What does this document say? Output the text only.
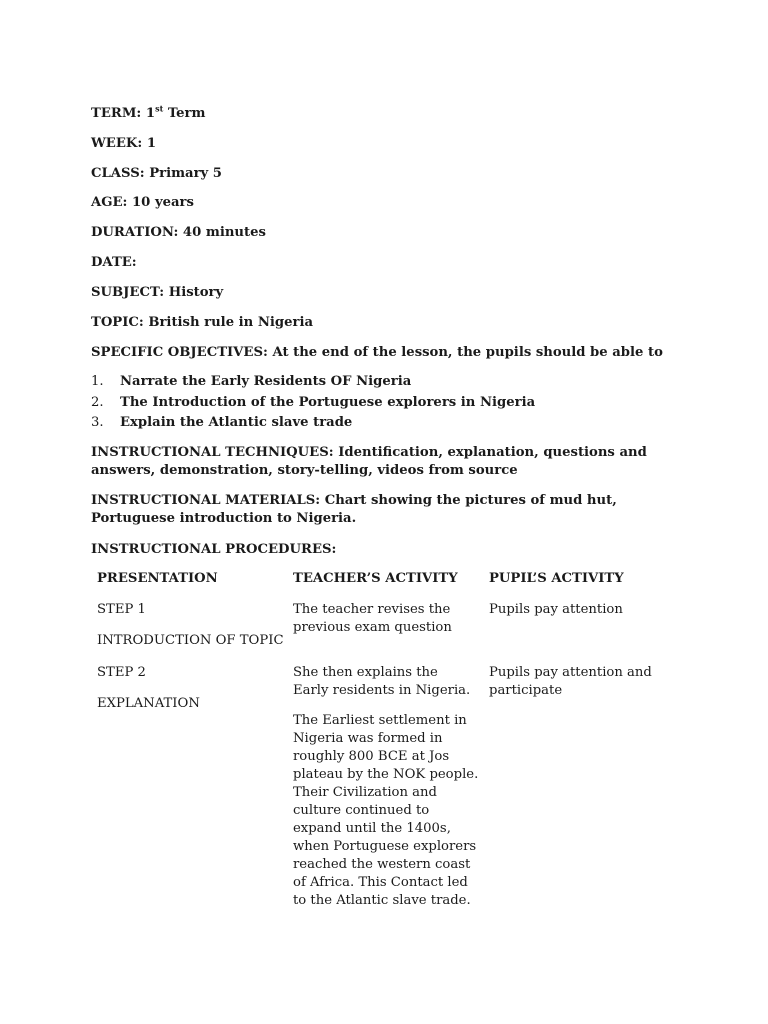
TERM: 1st Term
WEEK: 1
CLASS: Primary 5
AGE: 10 years
DURATION: 40 minutes
DATE:
SUBJECT: History
TOPIC: British rule in Nigeria
SPECIFIC OBJECTIVES: At the end of the lesson, the pupils should be able to
1. Narrate the Early Residents OF Nigeria
2. The Introduction of the Portuguese explorers in Nigeria
3. Explain the Atlantic slave trade
INSTRUCTIONAL TECHNIQUES: Identification, explanation, questions and answers, demonstration, story-telling, videos from source
INSTRUCTIONAL MATERIALS: Chart showing the pictures of mud hut, Portuguese introduction to Nigeria.
INSTRUCTIONAL PROCEDURES:
PRESENTATION	TEACHER’S ACTIVITY PUPIL’S ACTIVITY
STEP 1
INTRODUCTION OF TOPIC
The teacher revises the previous exam question
Pupils pay attention
STEP 2
EXPLANATION
She then explains the Early residents in Nigeria.
The Earliest settlement in Nigeria was formed in roughly 800 BCE at Jos plateau by the NOK people. Their Civilization and culture continued to expand until the 1400s, when Portuguese explorers reached the western coast of Africa. This Contact led to the Atlantic slave trade.
Pupils pay attention and participate
